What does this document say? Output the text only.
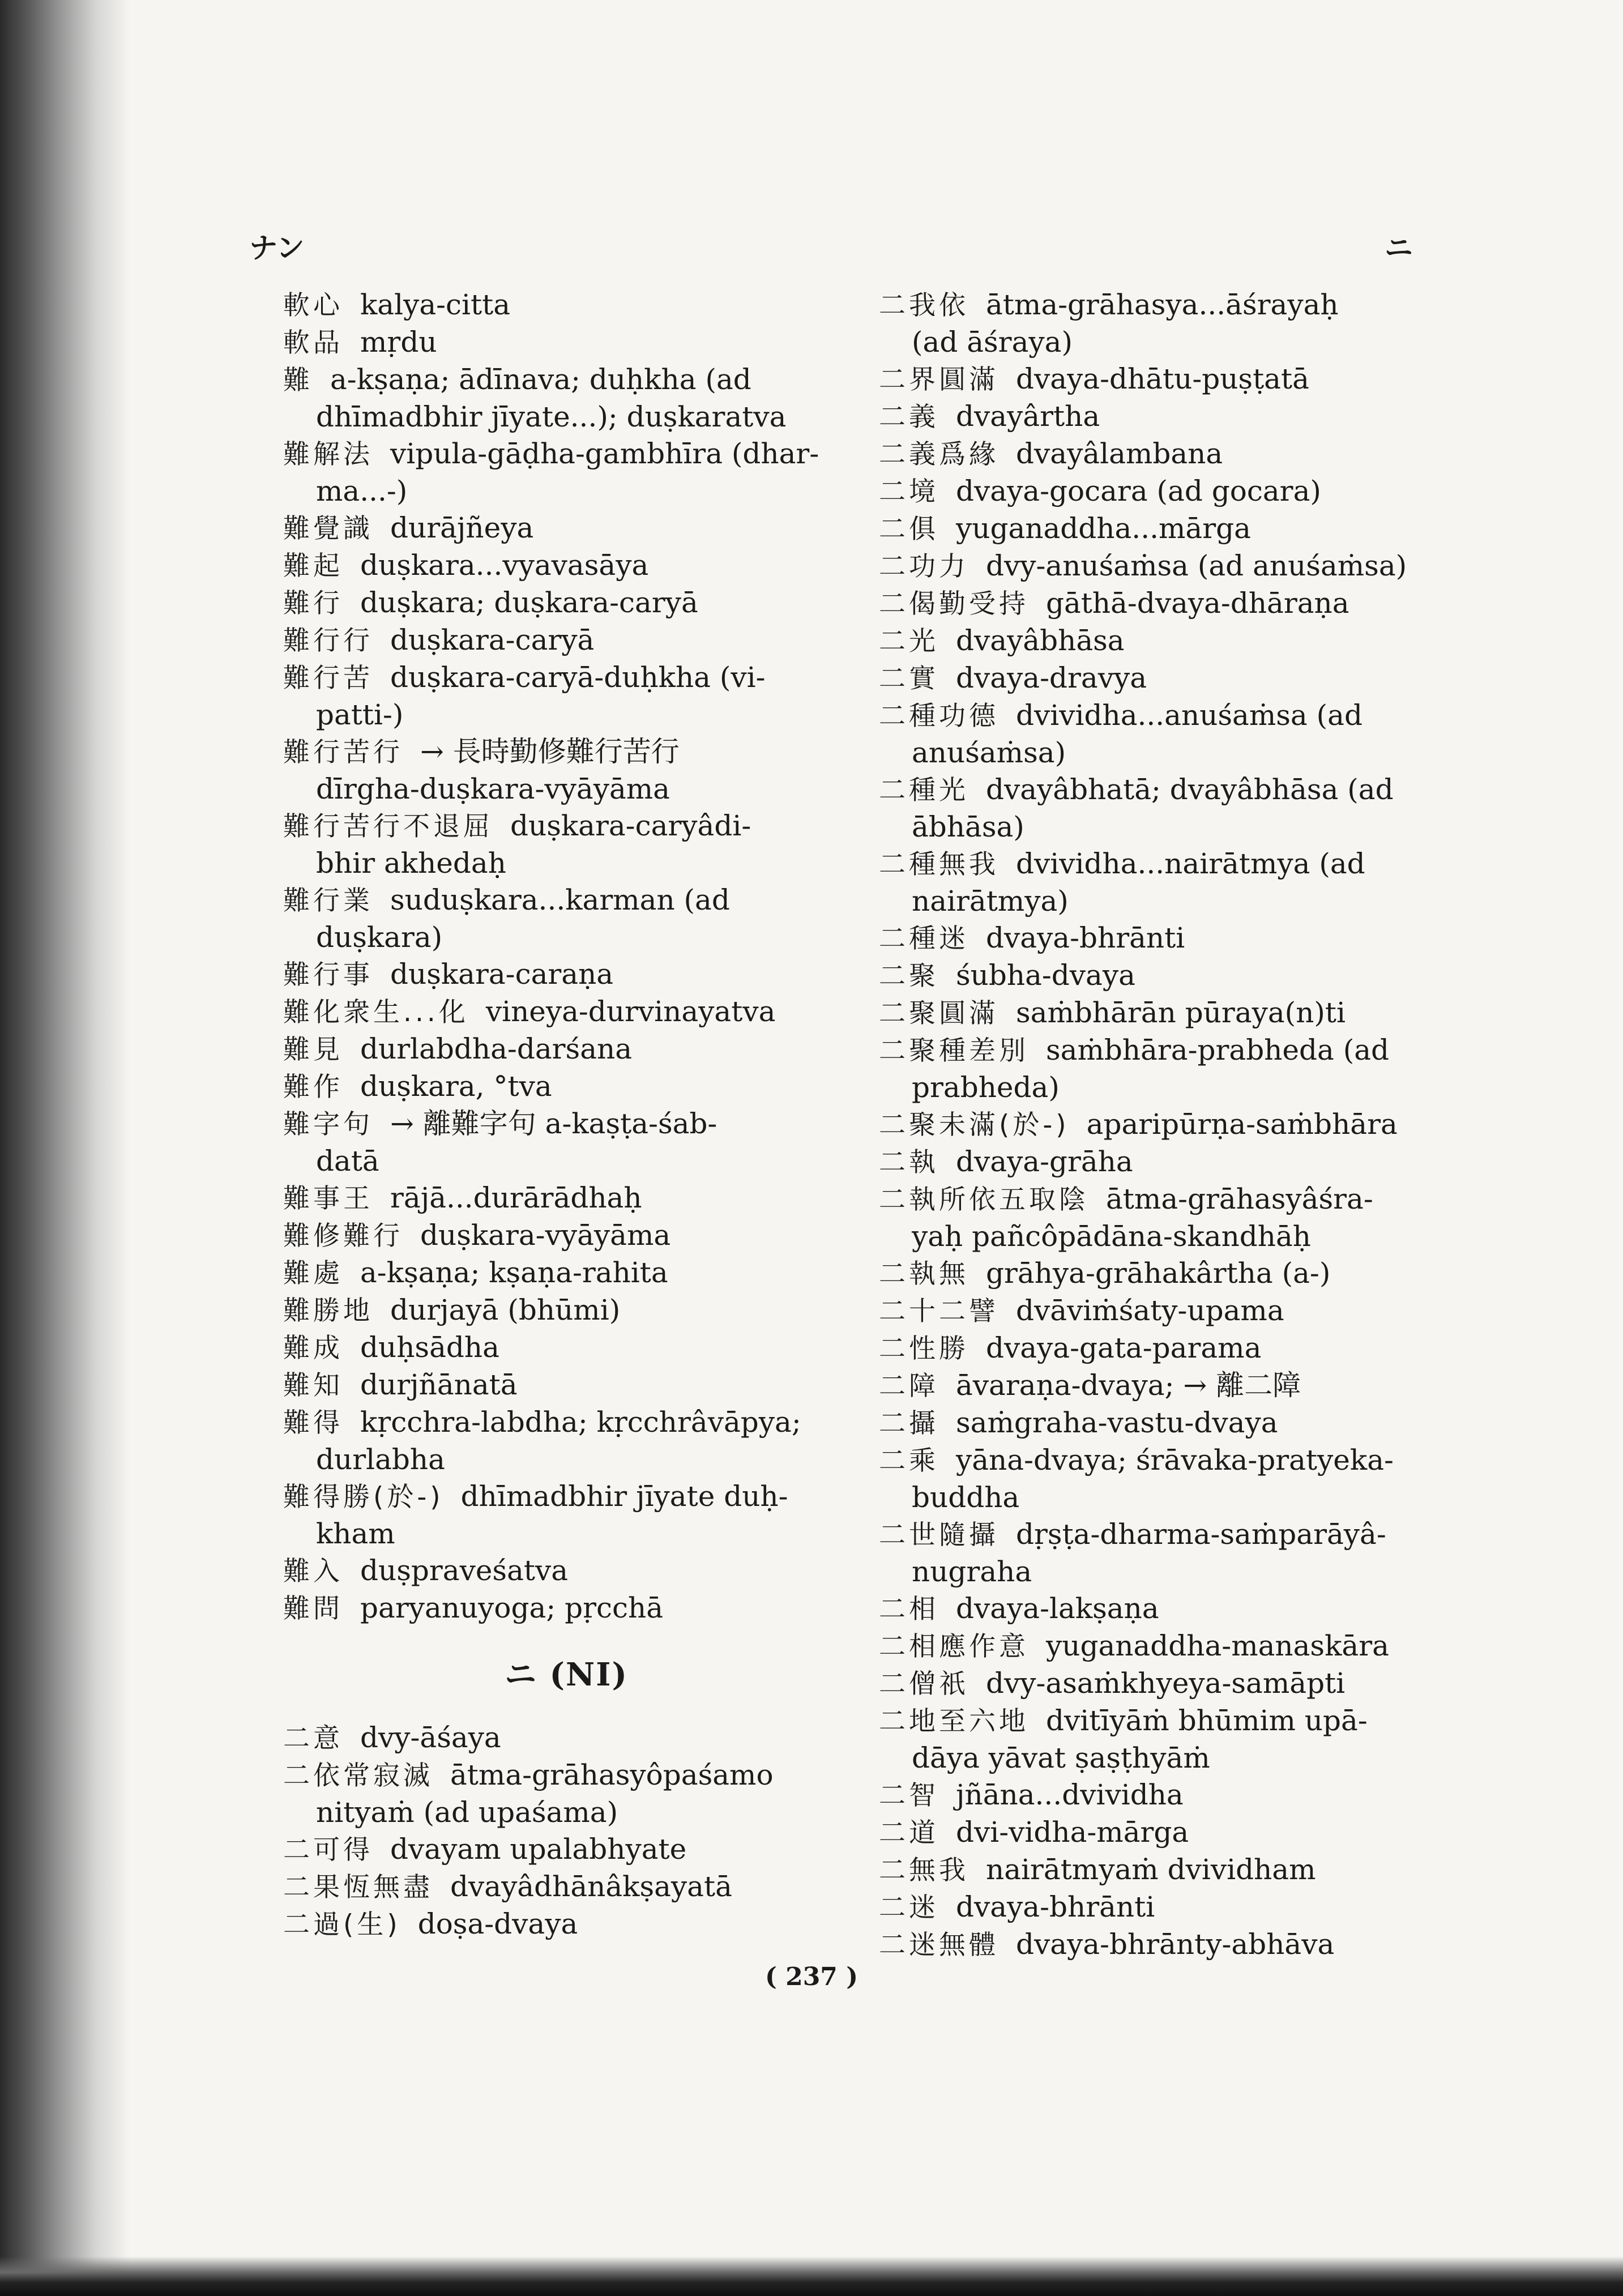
ナン	ニ
軟心 kalya-citta
軟品 mṛdu
難 a-kṣaṇa; ādīnava; duḥkha (ad
dhīmadbhir jīyate...); duṣkaratva
難解法 vipula-gāḍha-gambhīra (dhar-
ma...-)
難覺識 durājñeya
難起 duṣkara...vyavasāya
難行 duṣkara; duṣkara-caryā
難行行 duṣkara-caryā
難行苦 duṣkara-caryā-duḥkha (vi-
patti-)
難行苦行 → 長時勤修難行苦行
dīrgha-duṣkara-vyāyāma
難行苦行不退屈 duṣkara-caryâdi-
bhir akhedaḥ
難行業 suduṣkara...karman (ad
duṣkara)
難行事 duṣkara-caraṇa
難化衆生...化 vineya-durvinayatva
難見 durlabdha-darśana
難作 duṣkara, °tva
難字句 → 離難字句 a-kaṣṭa-śab-
datā
難事王 rājā...durārādhaḥ
難修難行 duṣkara-vyāyāma
難處 a-kṣaṇa; kṣaṇa-rahita
難勝地 durjayā (bhūmi)
難成 duḥsādha
難知 durjñānatā
難得 kṛcchra-labdha; kṛcchrâvāpya;
durlabha
難得勝(於-) dhīmadbhir jīyate duḥ-
kham
難入 duṣpraveśatva
難問 paryanuyoga; pṛcchā
ニ (NI)
二意 dvy-āśaya
二依常寂滅 ātma-grāhasyôpaśamo
nityaṁ (ad upaśama)
二可得 dvayam upalabhyate
二果恆無盡 dvayâdhānâkṣayatā
二過(生) doṣa-dvaya
二我依 ātma-grāhasya...āśrayaḥ
(ad āśraya)
二界圓滿 dvaya-dhātu-puṣṭatā
二義 dvayârtha
二義爲緣 dvayâlambana
二境 dvaya-gocara (ad gocara)
二俱 yuganaddha...mārga
二功力 dvy-anuśaṁsa (ad anuśaṁsa)
二偈勤受持 gāthā-dvaya-dhāraṇa
二光 dvayâbhāsa
二實 dvaya-dravya
二種功德 dvividha...anuśaṁsa (ad
anuśaṁsa)
二種光 dvayâbhatā; dvayâbhāsa (ad
ābhāsa)
二種無我 dvividha...nairātmya (ad
nairātmya)
二種迷 dvaya-bhrānti
二聚 śubha-dvaya
二聚圓滿 saṁbhārān pūraya(n)ti
二聚種差別 saṁbhāra-prabheda (ad
prabheda)
二聚未滿(於-) aparipūrṇa-saṁbhāra
二執 dvaya-grāha
二執所依五取陰 ātma-grāhasyâśra-
yaḥ pañcôpādāna-skandhāḥ
二執無 grāhya-grāhakârtha (a-)
二十二譬 dvāviṁśaty-upama
二性勝 dvaya-gata-parama
二障 āvaraṇa-dvaya; → 離二障
二攝 saṁgraha-vastu-dvaya
二乘 yāna-dvaya; śrāvaka-pratyeka-
buddha
二世隨攝 dṛṣṭa-dharma-saṁparāyâ-
nugraha
二相 dvaya-lakṣaṇa
二相應作意 yuganaddha-manaskāra
二僧祇 dvy-asaṁkhyeya-samāpti
二地至六地 dvitīyāṁ bhūmim upā-
dāya yāvat ṣaṣṭhyāṁ
二智 jñāna...dvividha
二道 dvi-vidha-mārga
二無我 nairātmyaṁ dvividham
二迷 dvaya-bhrānti
二迷無體 dvaya-bhrānty-abhāva
( 237 )
